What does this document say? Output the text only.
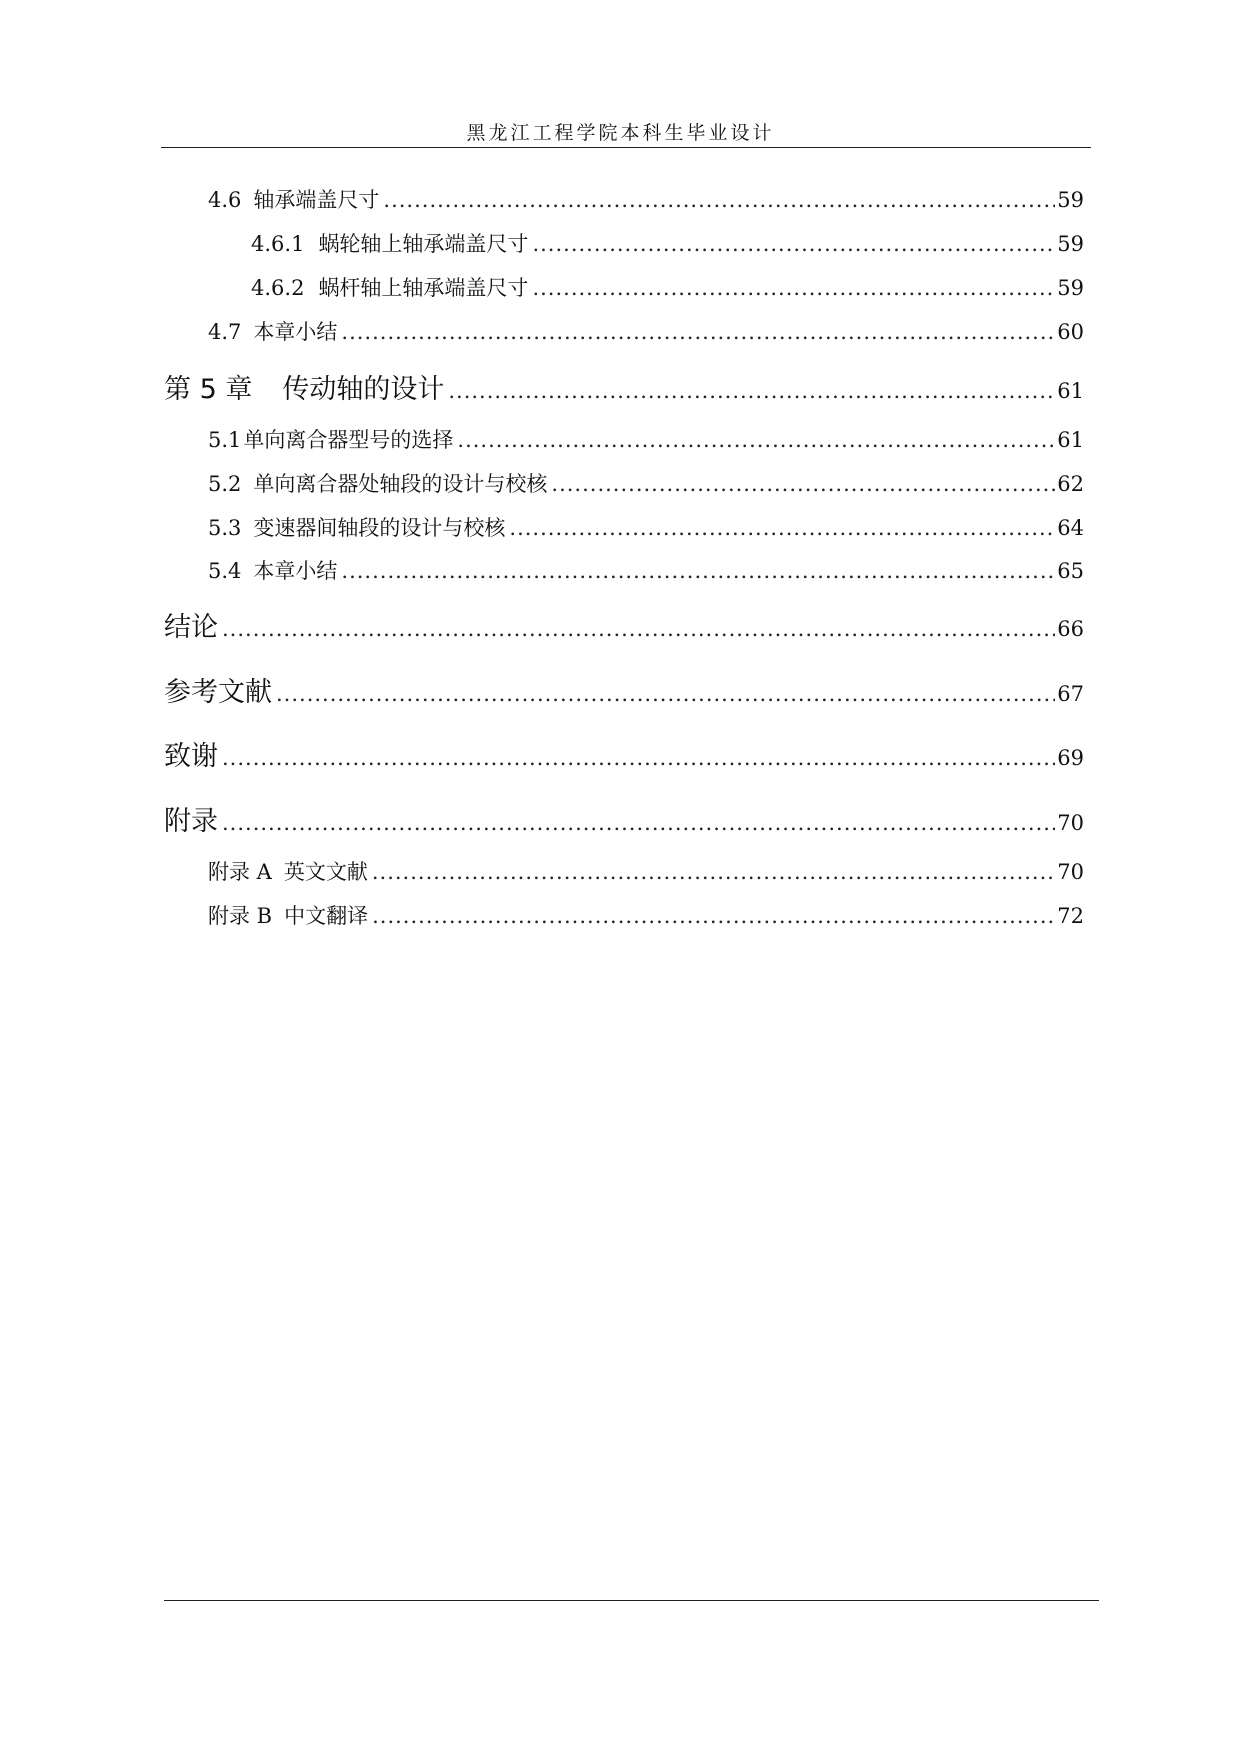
黑龙江工程学院本科生毕业设计
4.6 轴承端盖尺寸 .....	59
4.6.1 蜗轮轴上轴承端盖尺寸 .....	59
4.6.2 蜗杆轴上轴承端盖尺寸 .....	59
4.7 本章小结 .....	60
第 5 章 传动轴的设计 .....	61
5.1 单向离合器型号的选择 .....	61
5.2 单向离合器处轴段的设计与校核 .....	62
5.3 变速器间轴段的设计与校核 .....	64
5.4 本章小结 .....	65
结论 .....	66
参考文献 .....	67
致谢 .....	69
附录 .....	70
附录 A 英文文献 .....	70
附录 B 中文翻译 .....	72
